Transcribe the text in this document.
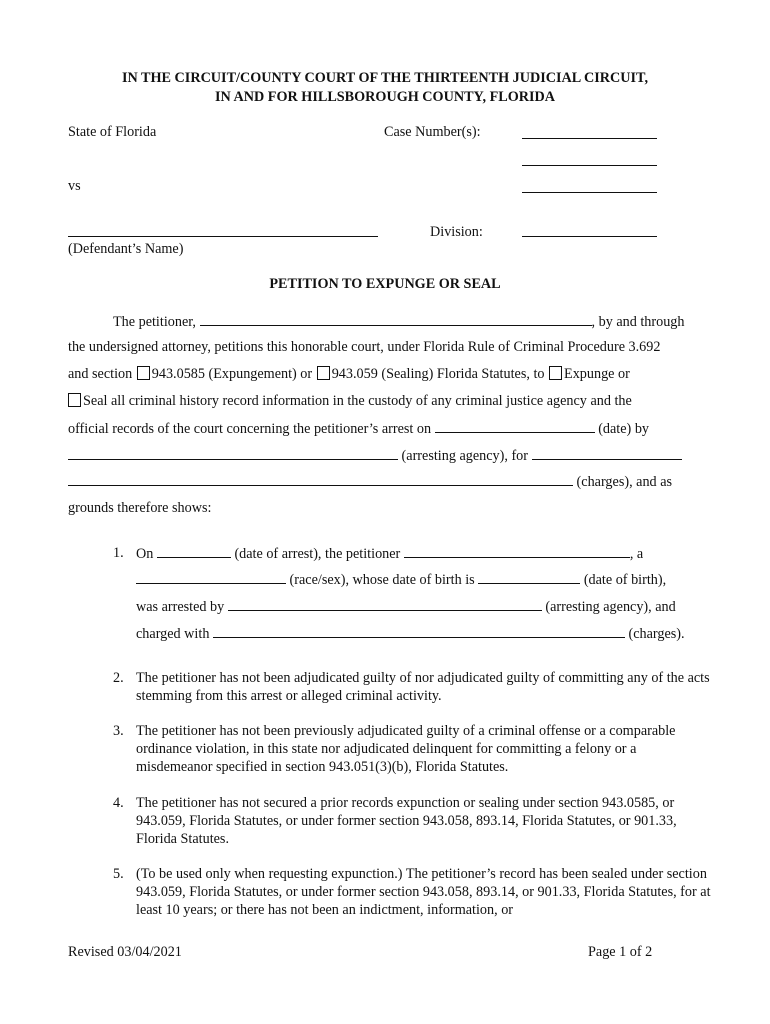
IN THE CIRCUIT/COUNTY COURT OF THE THIRTEENTH JUDICIAL CIRCUIT,
IN AND FOR HILLSBOROUGH COUNTY, FLORIDA
State of Florida	Case Number(s):
vs
Division:
(Defendant’s Name)
PETITION TO EXPUNGE OR SEAL
The petitioner,	, by and through
the undersigned attorney, petitions this honorable court, under Florida Rule of Criminal Procedure 3.692
and section 943.0585 (Expungement) or 943.059 (Sealing) Florida Statutes, to Expunge or
Seal all criminal history record information in the custody of any criminal justice agency and the
official records of the court concerning the petitioner’s arrest on	(date) by
(arresting agency), for
(charges), and as
grounds therefore shows:
1. On	(date of arrest), the petitioner	, a
(race/sex), whose date of birth is	(date of birth),
was arrested by	(arresting agency), and
charged with	(charges).
2. The petitioner has not been adjudicated guilty of nor adjudicated guilty of committing any of the acts stemming from this arrest or alleged criminal activity.
3. The petitioner has not been previously adjudicated guilty of a criminal offense or a comparable ordinance violation, in this state nor adjudicated delinquent for committing a felony or a misdemeanor specified in section 943.051(3)(b), Florida Statutes.
4. The petitioner has not secured a prior records expunction or sealing under section 943.0585, or 943.059, Florida Statutes, or under former section 943.058, 893.14, Florida Statutes, or 901.33, Florida Statutes.
5. (To be used only when requesting expunction.) The petitioner’s record has been sealed under section 943.059, Florida Statutes, or under former section 943.058, 893.14, or 901.33, Florida Statutes, for at least 10 years; or there has not been an indictment, information, or
Revised 03/04/2021	Page 1 of 2
